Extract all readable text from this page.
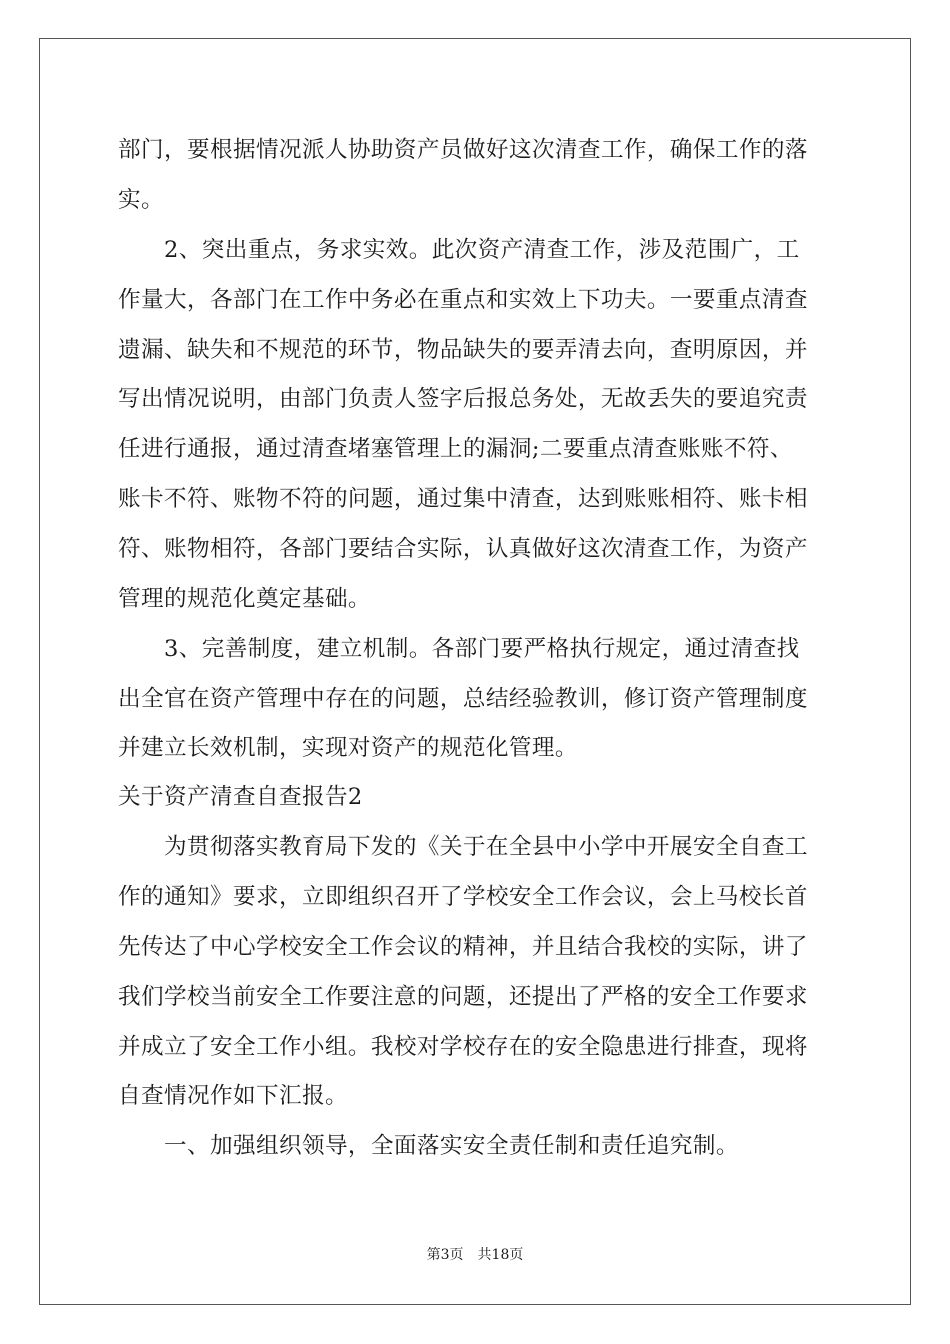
部门，要根据情况派人协助资产员做好这次清查工作，确保工作的落
实。
　　2、突出重点，务求实效。此次资产清查工作，涉及范围广，工
作量大，各部门在工作中务必在重点和实效上下功夫。一要重点清查
遗漏、缺失和不规范的环节，物品缺失的要弄清去向，查明原因，并
写出情况说明，由部门负责人签字后报总务处，无故丢失的要追究责
任进行通报，通过清查堵塞管理上的漏洞;二要重点清查账账不符、
账卡不符、账物不符的问题，通过集中清查，达到账账相符、账卡相
符、账物相符，各部门要结合实际，认真做好这次清查工作，为资产
管理的规范化奠定基础。
　　3、完善制度，建立机制。各部门要严格执行规定，通过清查找
出全官在资产管理中存在的问题，总结经验教训，修订资产管理制度
并建立长效机制，实现对资产的规范化管理。
关于资产清查自查报告2
　　为贯彻落实教育局下发的《关于在全县中小学中开展安全自查工
作的通知》要求，立即组织召开了学校安全工作会议，会上马校长首
先传达了中心学校安全工作会议的精神，并且结合我校的实际，讲了
我们学校当前安全工作要注意的问题，还提出了严格的安全工作要求
并成立了安全工作小组。我校对学校存在的安全隐患进行排查，现将
自查情况作如下汇报。
　　一、加强组织领导，全面落实安全责任制和责任追究制。
第3页 共18页
